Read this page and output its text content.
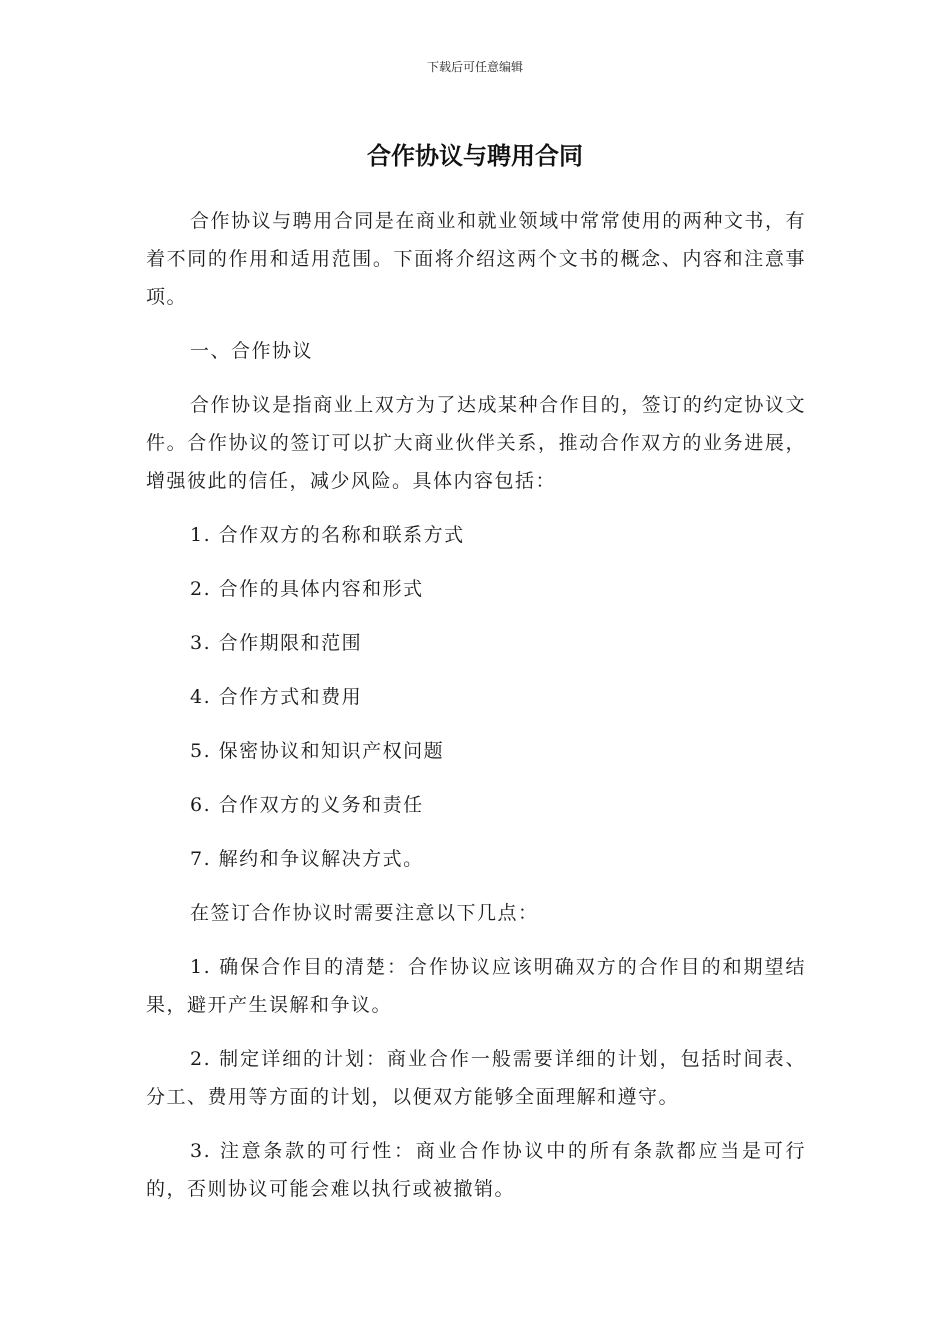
下载后可任意编辑
合作协议与聘用合同

合作协议与聘用合同是在商业和就业领域中常常使用的两种文书，有着不同的作用和适用范围。下面将介绍这两个文书的概念、内容和注意事项。

一、合作协议

合作协议是指商业上双方为了达成某种合作目的，签订的约定协议文件。合作协议的签订可以扩大商业伙伴关系，推动合作双方的业务进展，增强彼此的信任，减少风险。具体内容包括：

1. 合作双方的名称和联系方式

2. 合作的具体内容和形式

3. 合作期限和范围

4. 合作方式和费用

5. 保密协议和知识产权问题

6. 合作双方的义务和责任

7. 解约和争议解决方式。

在签订合作协议时需要注意以下几点：

1. 确保合作目的清楚：合作协议应该明确双方的合作目的和期望结果，避开产生误解和争议。

2. 制定详细的计划：商业合作一般需要详细的计划，包括时间表、分工、费用等方面的计划，以便双方能够全面理解和遵守。

3. 注意条款的可行性：商业合作协议中的所有条款都应当是可行的，否则协议可能会难以执行或被撤销。
